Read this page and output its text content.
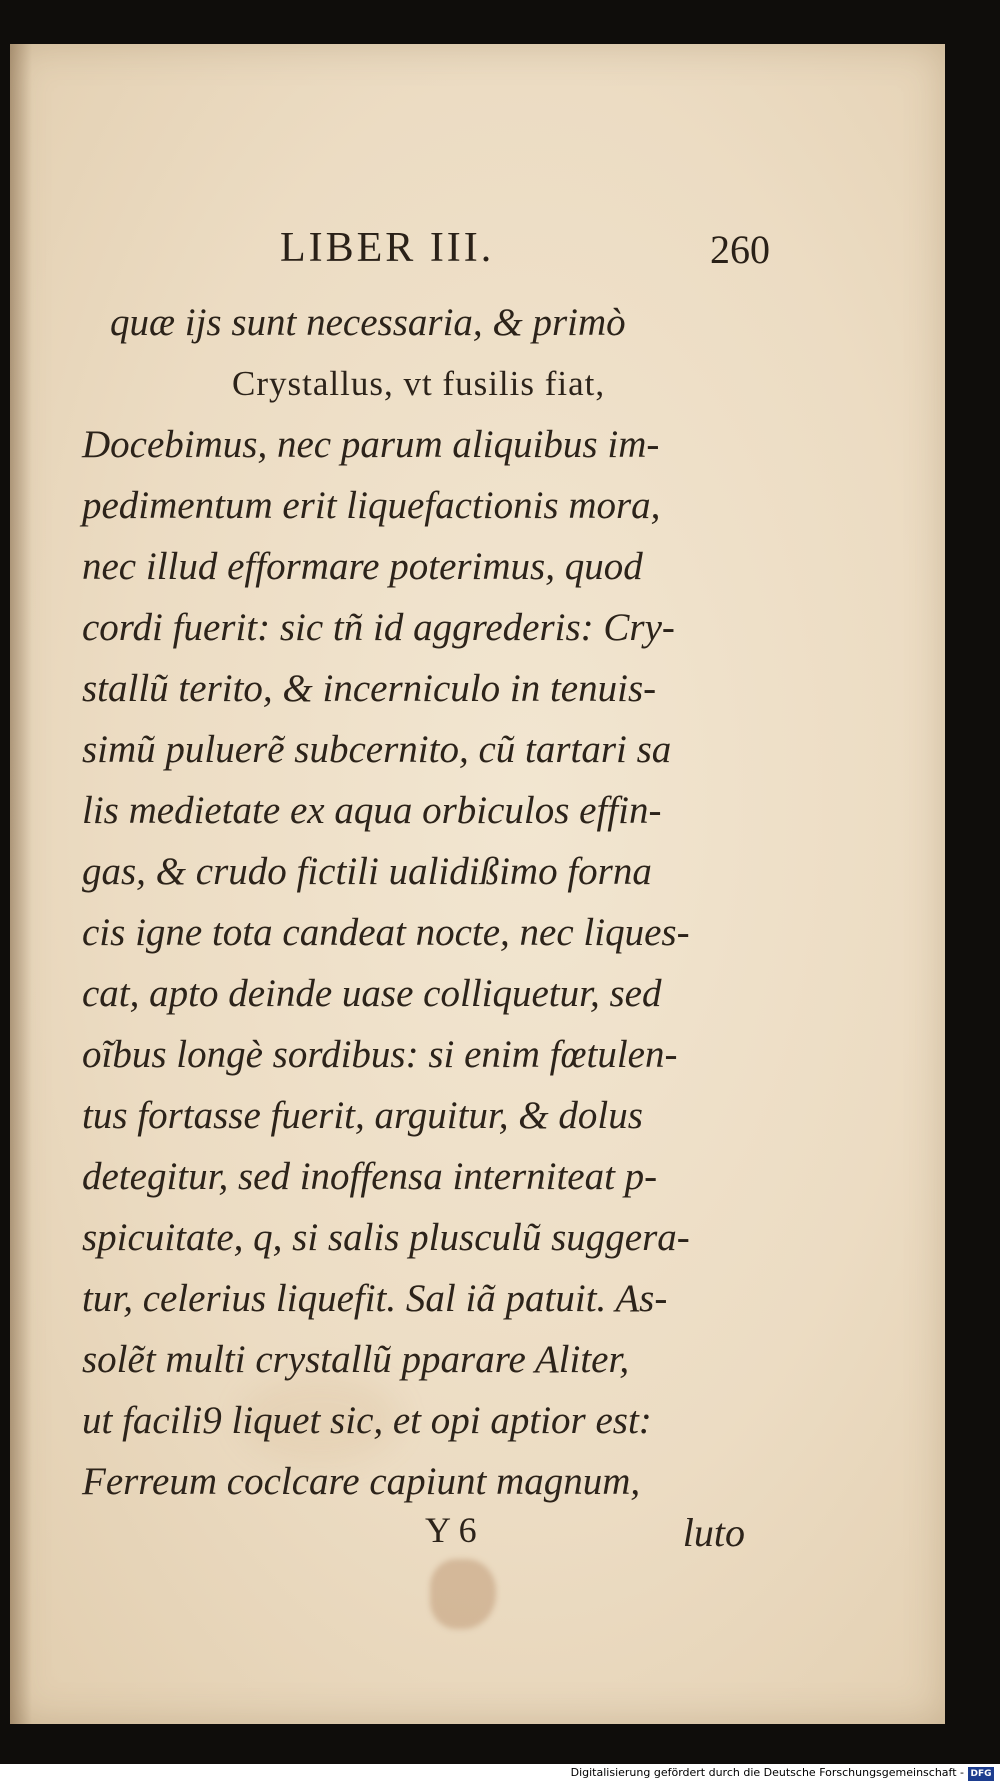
LIBER III.	260
quæ ijs sunt necessaria, & primò
Crystallus, vt fusilis fiat,
Docebimus, nec parum aliquibus im-
pedimentum erit liquefactionis mora,
nec illud efformare poterimus, quod
cordi fuerit: sic tñ id aggrederis: Cry-
stallũ terito, & incerniculo in tenuis-
simũ puluerẽ subcernito, cũ tartari sa
lis medietate ex aqua orbiculos effin-
gas, & crudo fictili ualidißimo forna
cis igne tota candeat nocte, nec liques-
cat, apto deinde uase colliquetur, sed
oĩbus longè sordibus: si enim fœtulen-
tus fortasse fuerit, arguitur, & dolus
detegitur, sed inoffensa interniteat p-
spicuitate, q, si salis plusculũ suggera-
tur, celerius liquefit. Sal iã patuit. As-
solẽt multi crystallũ pparare Aliter,
ut facili9 liquet sic, et opi aptior est:
Ferreum coclcare capiunt magnum,
Y 6	luto
Digitalisierung gefördert durch die Deutsche Forschungsgemeinschaft - DFG
